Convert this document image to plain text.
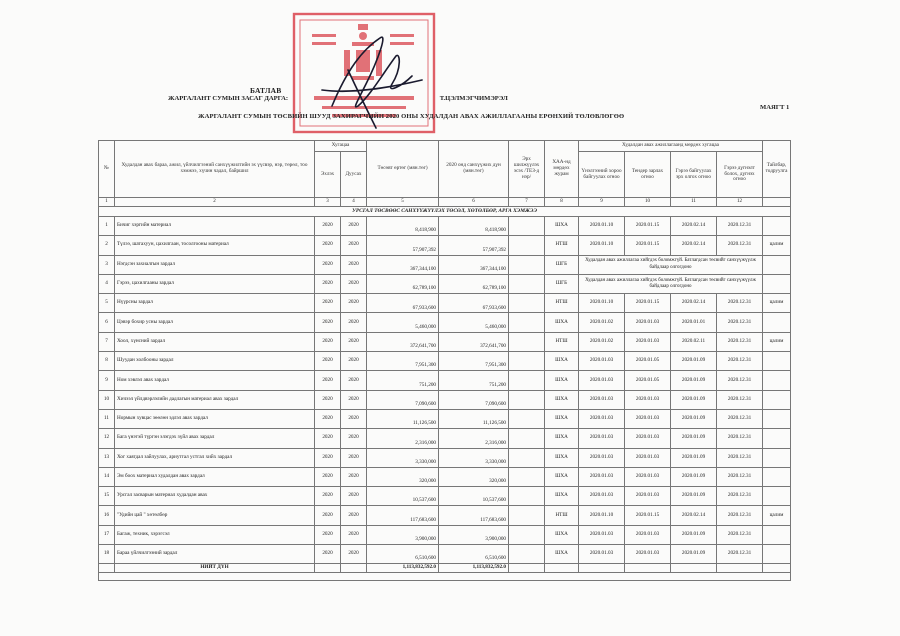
БАТЛАВ
ЖАРГАЛАНТ СУМЫН ЗАСАГ ДАРГА:	Т.ЦЭЛМЭГЧИМЭРЭЛ
МАЯГТ 1
ЖАРГАЛАНТ СУМЫН ТӨСВИЙН ШУУД ЗАХИРАГЧИЙН 2020 ОНЫ ХУДАЛДАН АВАХ АЖИЛЛАГААНЫ ЕРӨНХИЙ ТӨЛӨВЛӨГӨӨ
№	Худалдан авах бараа, ажил, үйлчилгээний санхүүжилтийн эх үүсвэр, нэр, төрөл, тоо хэмжээ, хүчин чадал, байршил	Хугацаа		Төсөвт өртөг (мян.төг)	2020 онд санхүүжих дүн (мян.төг)	Эрх шилжүүлэх эсэх /ТЕЗ-д нэр/	ХАА-нд мөрдөх журам	Худалдан авах ажиллагаанд мөрдөх хугацаа				Тайлбар, тодруулга
		Эхлэх	Дуусах					Үнэлгээний хороо байгуулах огноо	Тендер зарлах огноо	Гэрээ байгуулах эрх олгох огноо	Гэрээ дүгнэлт болох, дүгнэх огноо	
1	2	3	4	5	6	7	8	9	10	11	12	
УРСГАЛ ТӨСВӨӨС САНХҮҮЖҮҮЛЭХ ТӨСӨЛ, ХӨТӨЛБӨР, АРГА ХЭМЖЭЭ												
1	Бичиг хэргийн материал	2020	2020	8,418,900	8,418,900		ШХА	2020.01.10	2020.01.15	2020.02.14	2020.12.31	
2	Түлээ, шатахуун, цахилгаан, тосолгооны материал	2020	2020	57,907,392	57,907,392		НТШ	2020.01.10	2020.01.15	2020.02.14	2020.12.31	цалим
3	Нэгдсэн захиалгын зардал	2020	2020	367,344,100	367,344,100		ШГБ	Худалдан авах ажиллагаа хийгдэх боломжгүй. Батлагдсан төсвийг санхүүжүүлж байдлаар олгогдоно				
4	Гэрээ, цахилгааны зардал	2020	2020	62,789,100	62,789,100		ШГБ	Худалдан авах ажиллагаа хийгдэх боломжгүй. Батлагдсан төсвийг санхүүжүүлж байдлаар олгогдоно				
5	Нүүрсны зардал	2020	2020	67,933,600	67,933,600		НТШ	2020.01.10	2020.01.15	2020.02.14	2020.12.31	цалим
6	Цэвэр бохир усны зардал	2020	2020	5,460,000	5,460,000		ШХА	2020.01.02	2020.01.03	2020.01.01	2020.12.31	
7	Хоол, хүнсний зардал	2020	2020	372,641,700	372,641,700		НТШ	2020.01.02	2020.01.03	2020.02.11	2020.12.31	цалим
8	Шуудан холбооны зардал	2020	2020	7,951,300	7,951,300		ШХА	2020.01.03	2020.01.05	2020.01.09	2020.12.31	
9	Ном хэвлэл авах зардал	2020	2020	751,200	751,200		ШХА	2020.01.03	2020.01.05	2020.01.09	2020.12.31	
10	Хичээл үйлдвэрлэлийн дадлагын материал авах зардал	2020	2020	7,090,600	7,090,600		ШХА	2020.01.03	2020.01.03	2020.01.09	2020.12.31	
11	Нормын хувцас зөөлөн эдлэл авах зардал	2020	2020	11,126,500	11,126,500		ШХА	2020.01.03	2020.01.03	2020.01.09	2020.12.31	
12	Бага үнэтэй түргэн элэгдэх зүйл авах зардал	2020	2020	2,316,000	2,316,000		ШХА	2020.01.03	2020.01.03	2020.01.09	2020.12.31	
13	Хог хаягдал зайлуулах, ариутгал устгал хийх зардал	2020	2020	3,330,000	3,330,000		ШХА	2020.01.03	2020.01.03	2020.01.09	2020.12.31	
14	Эм боох материал худалдан авах зардал	2020	2020	320,000	320,000		ШХА	2020.01.03	2020.01.03	2020.01.09	2020.12.31	
15	Урсгал засварын материал худалдан авах	2020	2020	10,537,600	10,537,600		ШХА	2020.01.03	2020.01.03	2020.01.09	2020.12.31	
16	"Удийн цай " хөтөлбөр	2020	2020	117,683,600	117,683,600		НТШ	2020.01.10	2020.01.15	2020.02.14	2020.12.31	цалим
17	Багаж, техник, хэрэгсэл	2020	2020	3,900,000	3,900,000		ШХА	2020.01.03	2020.01.03	2020.01.09	2020.12.31	
18	Бараа үйлчилгээний зардал	2020	2020	6,510,600	6,510,600		ШХА	2020.01.03	2020.01.03	2020.01.09	2020.12.31	
	НИЙТ ДҮН			1,113,832,592.0	1,113,832,592.0							
